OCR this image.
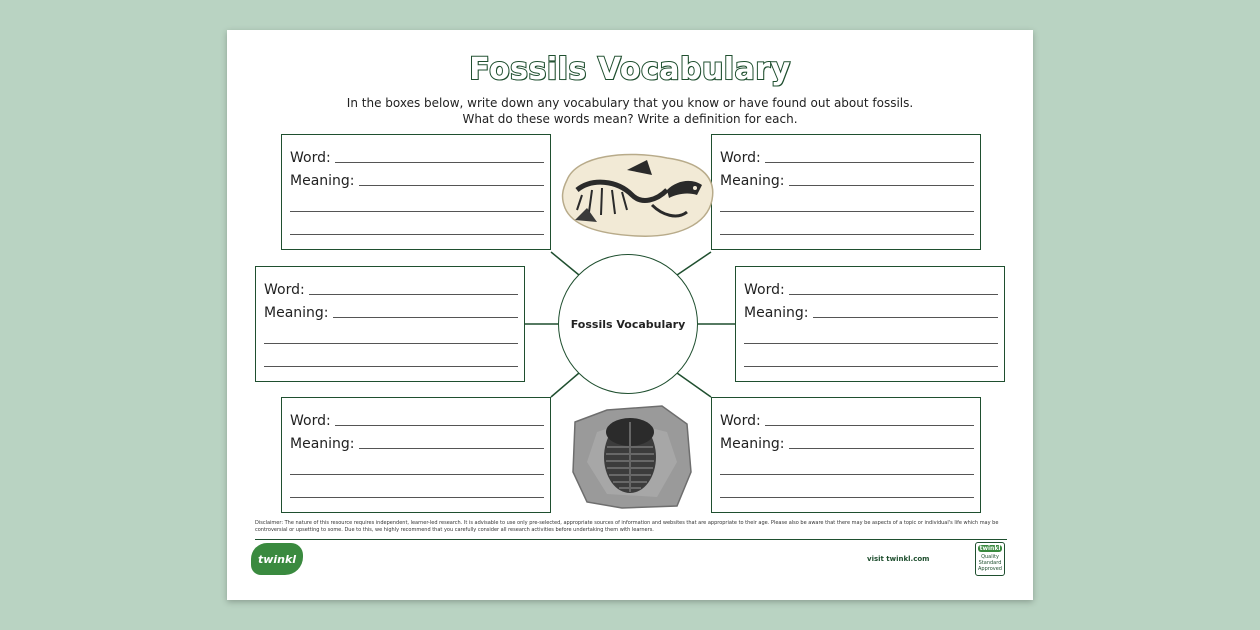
Fossils Vocabulary
In the boxes below, write down any vocabulary that you know or have found out about fossils.
What do these words mean? Write a definition for each.
Word:
Meaning:
Word:
Meaning:
Word:
Meaning:
Word:
Meaning:
Word:
Meaning:
Word:
Meaning:
Fossils Vocabulary
Disclaimer: The nature of this resource requires independent, learner-led research. It is advisable to use only pre-selected, appropriate sources of information and websites that are appropriate to their age. Please also be aware that there may be aspects of a topic or individual's life which may be controversial or upsetting to some. Due to this, we highly recommend that you carefully consider all research activities before undertaking them with learners.
twinkl	visit twinkl.com
twinkl
Quality Standard Approved
